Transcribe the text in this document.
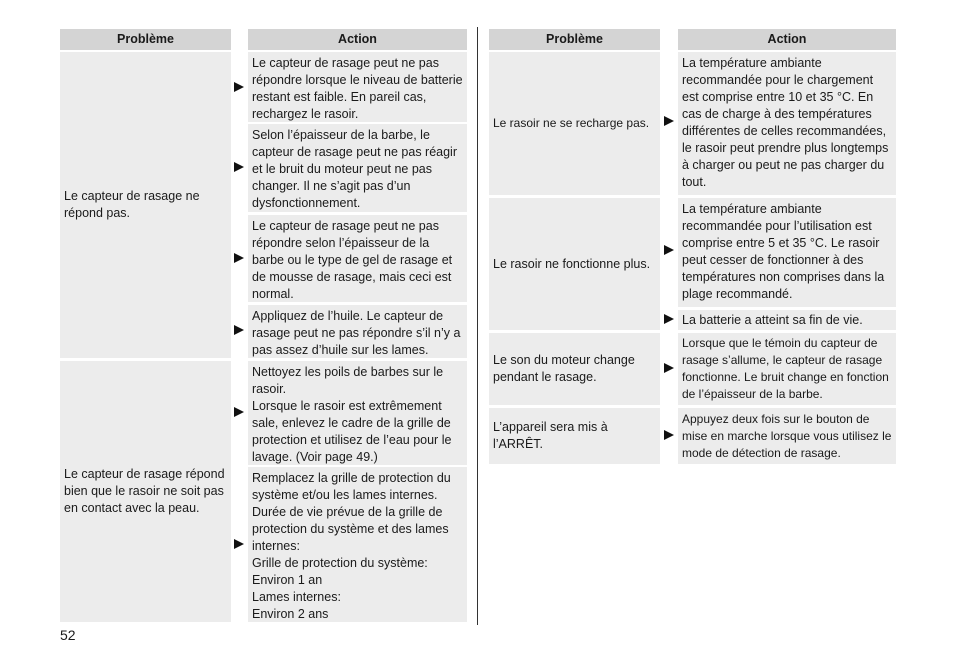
Problème	Action
Le capteur de rasage ne répond pas.
Le capteur de rasage répond bien que le rasoir ne soit pas en contact avec la peau.
Le capteur de rasage peut ne pas répondre lorsque le niveau de batterie restant est faible. En pareil cas, rechargez le rasoir.
Selon l’épaisseur de la barbe, le capteur de rasage peut ne pas réagir et le bruit du moteur peut ne pas changer. Il ne s’agit pas d’un dysfonctionnement.
Le capteur de rasage peut ne pas répondre selon l’épaisseur de la barbe ou le type de gel de rasage et de mousse de rasage, mais ceci est normal.
Appliquez de l’huile. Le capteur de rasage peut ne pas répondre s’il n’y a pas assez d’huile sur les lames.
Nettoyez les poils de barbes sur le rasoir.
Lorsque le rasoir est extrêmement sale, enlevez le cadre de la grille de protection et utilisez de l’eau pour le lavage. (Voir page 49.)
Remplacez la grille de protection du système et/ou les lames internes.
Durée de vie prévue de la grille de protection du système et des lames internes:
Grille de protection du système:
Environ 1 an
Lames internes:
Environ 2 ans
Problème	Action
Le rasoir ne se recharge pas.
Le rasoir ne fonctionne plus.
Le son du moteur change pendant le rasage.
L’appareil sera mis à l’ARRÊT.
La température ambiante recommandée pour le chargement est comprise entre 10 et 35 °C. En cas de charge à des températures différentes de celles recommandées, le rasoir peut prendre plus longtemps à charger ou peut ne pas charger du tout.
La température ambiante recommandée pour l’utilisation est comprise entre 5 et 35 °C. Le rasoir peut cesser de fonctionner à des températures non comprises dans la plage recommandé.
La batterie a atteint sa fin de vie.
Lorsque que le témoin du capteur de rasage s’allume, le capteur de rasage fonctionne. Le bruit change en fonction de l’épaisseur de la barbe.
Appuyez deux fois sur le bouton de mise en marche lorsque vous utilisez le mode de détection de rasage.
52
